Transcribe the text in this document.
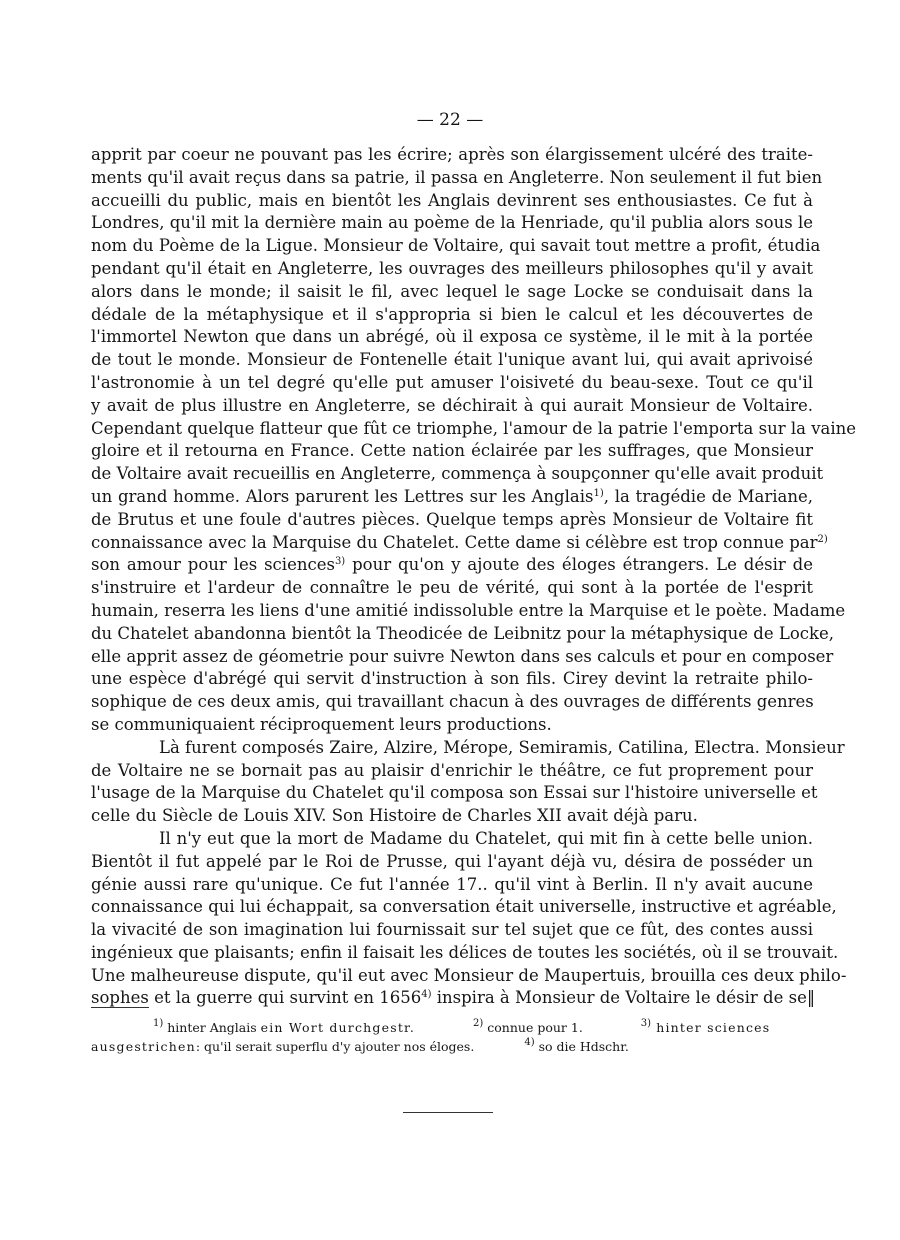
— 22 —
apprit par coeur ne pouvant pas les écrire; après son élargissement ulcéré des traite-
ments qu'il avait reçus dans sa patrie, il passa en Angleterre. Non seulement il fut bien
accueilli du public, mais en bientôt les Anglais devinrent ses enthousiastes. Ce fut à
Londres, qu'il mit la dernière main au poème de la Henriade, qu'il publia alors sous le
nom du Poème de la Ligue. Monsieur de Voltaire, qui savait tout mettre a profit, étudia
pendant qu'il était en Angleterre, les ouvrages des meilleurs philosophes qu'il y avait
alors dans le monde; il saisit le fil, avec lequel le sage Locke se conduisait dans la
dédale de la métaphysique et il s'appropria si bien le calcul et les découvertes de
l'immortel Newton que dans un abrégé, où il exposa ce système, il le mit à la portée
de tout le monde. Monsieur de Fontenelle était l'unique avant lui, qui avait aprivoisé
l'astronomie à un tel degré qu'elle put amuser l'oisiveté du beau-sexe. Tout ce qu'il
y avait de plus illustre en Angleterre, se déchirait à qui aurait Monsieur de Voltaire.
Cependant quelque flatteur que fût ce triomphe, l'amour de la patrie l'emporta sur la vaine
gloire et il retourna en France. Cette nation éclairée par les suffrages, que Monsieur
de Voltaire avait recueillis en Angleterre, commença à soupçonner qu'elle avait produit
un grand homme. Alors parurent les Lettres sur les Anglais$^{1)}$, la tragédie de Mariane,
de Brutus et une foule d'autres pièces. Quelque temps après Monsieur de Voltaire fit
connaissance avec la Marquise du Chatelet. Cette dame si célèbre est trop connue par$^{2)}$
son amour pour les sciences$^{3)}$ pour qu'on y ajoute des éloges étrangers. Le désir de
s'instruire et l'ardeur de connaître le peu de vérité, qui sont à la portée de l'esprit
humain, reserra les liens d'une amitié indissoluble entre la Marquise et le poète. Madame
du Chatelet abandonna bientôt la Theodicée de Leibnitz pour la métaphysique de Locke,
elle apprit assez de géometrie pour suivre Newton dans ses calculs et pour en composer
une espèce d'abrégé qui servit d'instruction à son fils. Cirey devint la retraite philo-
sophique de ces deux amis, qui travaillant chacun à des ouvrages de différents genres
se communiquaient réciproquement leurs productions.
Là furent composés Zaire, Alzire, Mérope, Semiramis, Catilina, Electra. Monsieur
de Voltaire ne se bornait pas au plaisir d'enrichir le théâtre, ce fut proprement pour
l'usage de la Marquise du Chatelet qu'il composa son Essai sur l'histoire universelle et
celle du Siècle de Louis XIV. Son Histoire de Charles XII avait déjà paru.
Il n'y eut que la mort de Madame du Chatelet, qui mit fin à cette belle union.
Bientôt il fut appelé par le Roi de Prusse, qui l'ayant déjà vu, désira de posséder un
génie aussi rare qu'unique. Ce fut l'année 17.. qu'il vint à Berlin. Il n'y avait aucune
connaissance qui lui échappait, sa conversation était universelle, instructive et agréable,
la vivacité de son imagination lui fournissait sur tel sujet que ce fût, des contes aussi
ingénieux que plaisants; enfin il faisait les délices de toutes les sociétés, où il se trouvait.
Une malheureuse dispute, qu'il eut avec Monsieur de Maupertuis, brouilla ces deux philo-
sophes et la guerre qui survint en 1656$^{4)}$ inspira à Monsieur de Voltaire le désir de se‖
$^{1)}$ hinter Anglais ein Wort durchgestr.	$^{2)}$ connue pour 1.	$^{3)}$ hinter sciences
ausgestrichen: qu'il serait superflu d'y ajouter nos éloges.	$^{4)}$ so die Hdschr.
